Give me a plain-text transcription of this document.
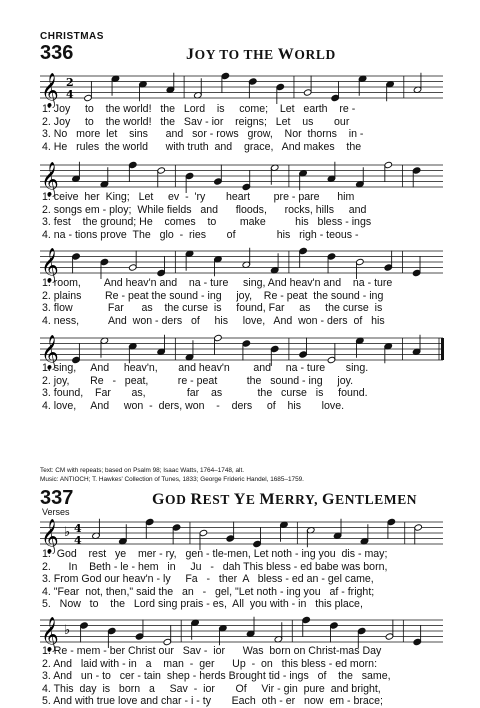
CHRISTMAS
336	JOY TO THE WORLD
𝄞 2
4
1. Joy     to    the world!   the   Lord    is     come;    Let   earth    re -
2. Joy     to    the world!   the   Sav - ior    reigns;   Let    us       our
3. No   more  let    sins      and   sor - rows   grow,    Nor  thorns    in -
4. He   rules  the world      with truth  and    grace,   And makes    the
𝄞
1. ceive  her  King;   Let     ev  -  'ry       heart        pre - pare      him
2. songs em - ploy;  While fields   and      floods,      rocks, hills     and
3. fest    the ground; He    comes    to        make          his   bless - ings
4. na - tions prove  The   glo  -  ries       of              his   righ - teous -
𝄞
1. room,        And heav'n and    na - ture     sing, And heav'n and    na - ture
2. plains        Re - peat the sound - ing     joy,    Re - peat  the sound - ing
3. flow            Far      as    the curse  is     found, Far     as     the curse  is
4. ness,          And  won - ders   of     his     love,   And  won - ders  of   his
𝄞
1. sing,     And     heav'n,       and heav'n        and     na - ture       sing.
2. joy,       Re   -   peat,          re - peat          the   sound - ing     joy.
3. found,    Far       as,              far    as            the   curse   is     found.
4. love,     And     won  -  ders, won    -    ders     of    his       love.
Text: CM with repeats; based on Psalm 98; Isaac Watts, 1764–1748, alt.
Music: ANTIOCH; T. Hawkes' Collection of Tunes, 1833; George Frideric Handel, 1685–1759.
337	GOD REST YE MERRY, GENTLEMEN
Verses
𝄞 ♭ 4
4
1.  God    rest   ye    mer - ry,   gen - tle-men, Let noth - ing you  dis - may;
2.      In    Beth - le - hem   in     Ju   -   dah This bless - ed babe was born,
3. From God our heav'n - ly     Fa   -   ther  A   bless - ed an - gel came,
4. "Fear  not, then," said the   an   -   gel, "Let noth - ing you   af - fright;
5.   Now   to    the   Lord sing prais - es,  All  you with - in   this place,
𝄞 ♭
1. Re - mem - ber Christ our   Sav -  ior      Was  born on Christ-mas Day
2. And   laid with - in   a    man  -  ger      Up  -  on   this bless - ed morn:
3. And   un - to   cer - tain  shep - herds Brought tid - ings   of    the   same,
4. This  day  is   born   a     Sav  -  ior       Of     Vir - gin  pure  and bright,
5. And with true love and char - i - ty       Each  oth - er   now  em - brace;
